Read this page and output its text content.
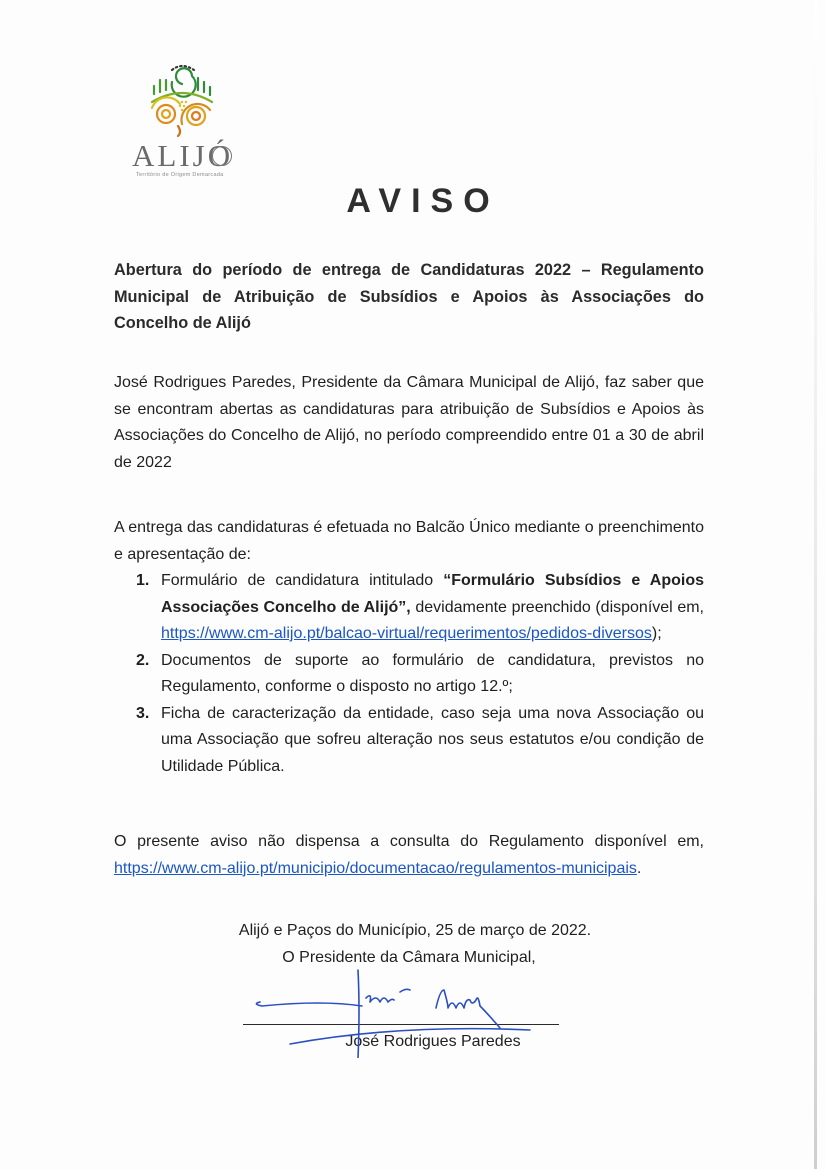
ALIJÓ
Território de Origem Demarcada
AVISO
Abertura do período de entrega de Candidaturas 2022 – Regulamento Municipal de Atribuição de Subsídios e Apoios às Associações do Concelho de Alijó
José Rodrigues Paredes, Presidente da Câmara Municipal de Alijó, faz saber que se encontram abertas as candidaturas para atribuição de Subsídios e Apoios às Associações do Concelho de Alijó, no período compreendido entre 01 a 30 de abril de 2022
A entrega das candidaturas é efetuada no Balcão Único mediante o preenchimento e apresentação de:
1. Formulário de candidatura intitulado “Formulário Subsídios e Apoios Associações Concelho de Alijó”, devidamente preenchido (disponível em, https://www.cm-alijo.pt/balcao-virtual/requerimentos/pedidos-diversos);
2. Documentos de suporte ao formulário de candidatura, previstos no Regulamento, conforme o disposto no artigo 12.º;
3. Ficha de caracterização da entidade, caso seja uma nova Associação ou uma Associação que sofreu alteração nos seus estatutos e/ou condição de Utilidade Pública.
O presente aviso não dispensa a consulta do Regulamento disponível em, https://www.cm-alijo.pt/municipio/documentacao/regulamentos-municipais.
Alijó e Paços do Município, 25 de março de 2022.
O Presidente da Câmara Municipal,
José Rodrigues Paredes
